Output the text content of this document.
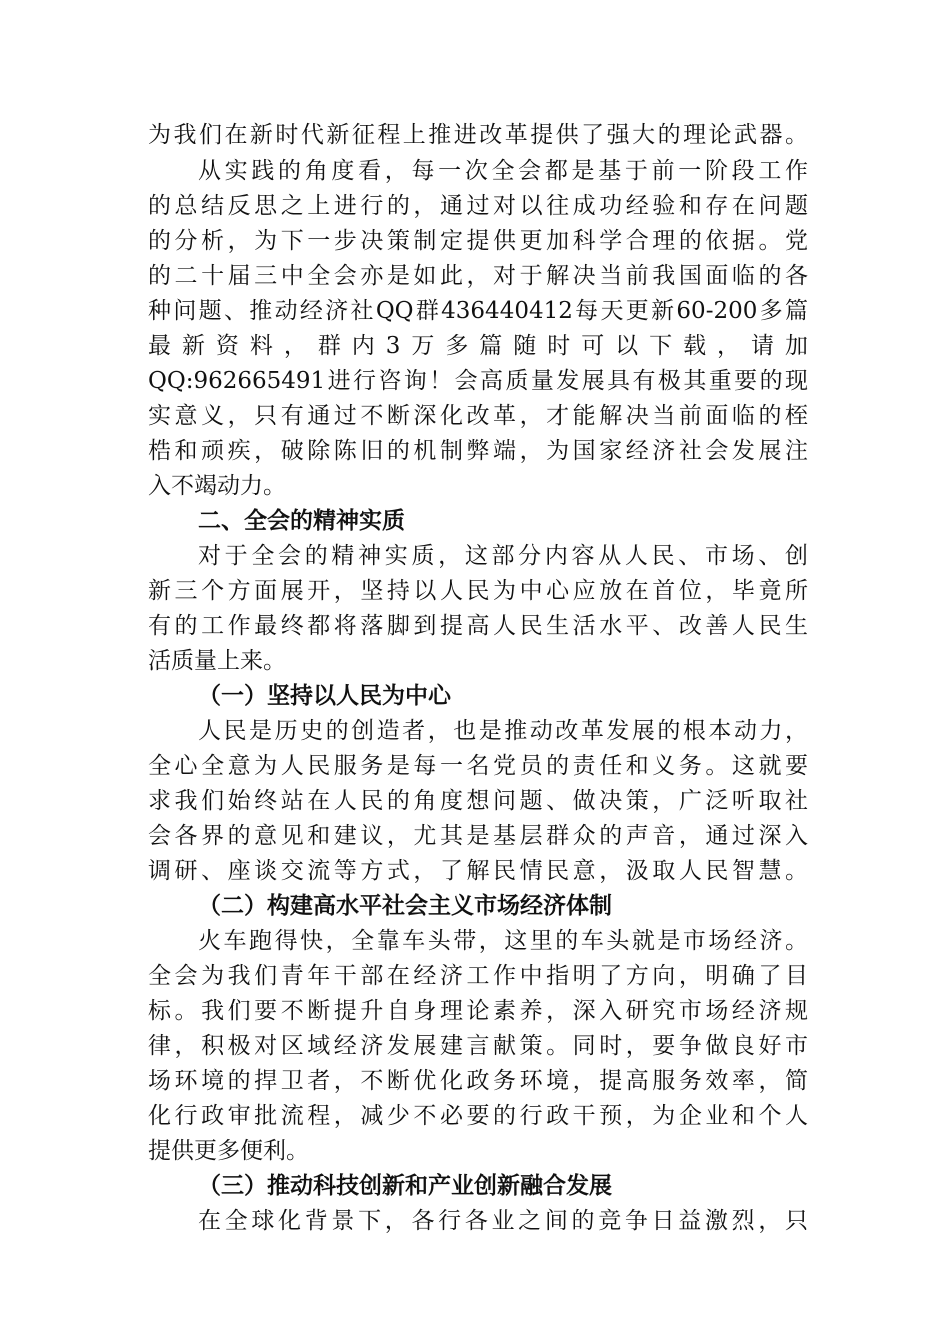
为我们在新时代新征程上推进改革提供了强大的理论武器。
从实践的角度看，每一次全会都是基于前一阶段工作
的总结反思之上进行的，通过对以往成功经验和存在问题
的分析，为下一步决策制定提供更加科学合理的依据。党
的二十届三中全会亦是如此，对于解决当前我国面临的各
种问题、推动经济社QQ群436440412每天更新60-200多篇
最新资料，群内3万多篇随时可以下载，请加
QQ:962665491进行咨询！会高质量发展具有极其重要的现
实意义，只有通过不断深化改革，才能解决当前面临的桎
梏和顽疾，破除陈旧的机制弊端，为国家经济社会发展注
入不竭动力。
二、全会的精神实质
对于全会的精神实质，这部分内容从人民、市场、创
新三个方面展开，坚持以人民为中心应放在首位，毕竟所
有的工作最终都将落脚到提高人民生活水平、改善人民生
活质量上来。
（一）坚持以人民为中心
人民是历史的创造者，也是推动改革发展的根本动力，
全心全意为人民服务是每一名党员的责任和义务。这就要
求我们始终站在人民的角度想问题、做决策，广泛听取社
会各界的意见和建议，尤其是基层群众的声音，通过深入
调研、座谈交流等方式，了解民情民意，汲取人民智慧。
（二）构建高水平社会主义市场经济体制
火车跑得快，全靠车头带，这里的车头就是市场经济。
全会为我们青年干部在经济工作中指明了方向，明确了目
标。我们要不断提升自身理论素养，深入研究市场经济规
律，积极对区域经济发展建言献策。同时，要争做良好市
场环境的捍卫者，不断优化政务环境，提高服务效率，简
化行政审批流程，减少不必要的行政干预，为企业和个人
提供更多便利。
（三）推动科技创新和产业创新融合发展
在全球化背景下，各行各业之间的竞争日益激烈，只
